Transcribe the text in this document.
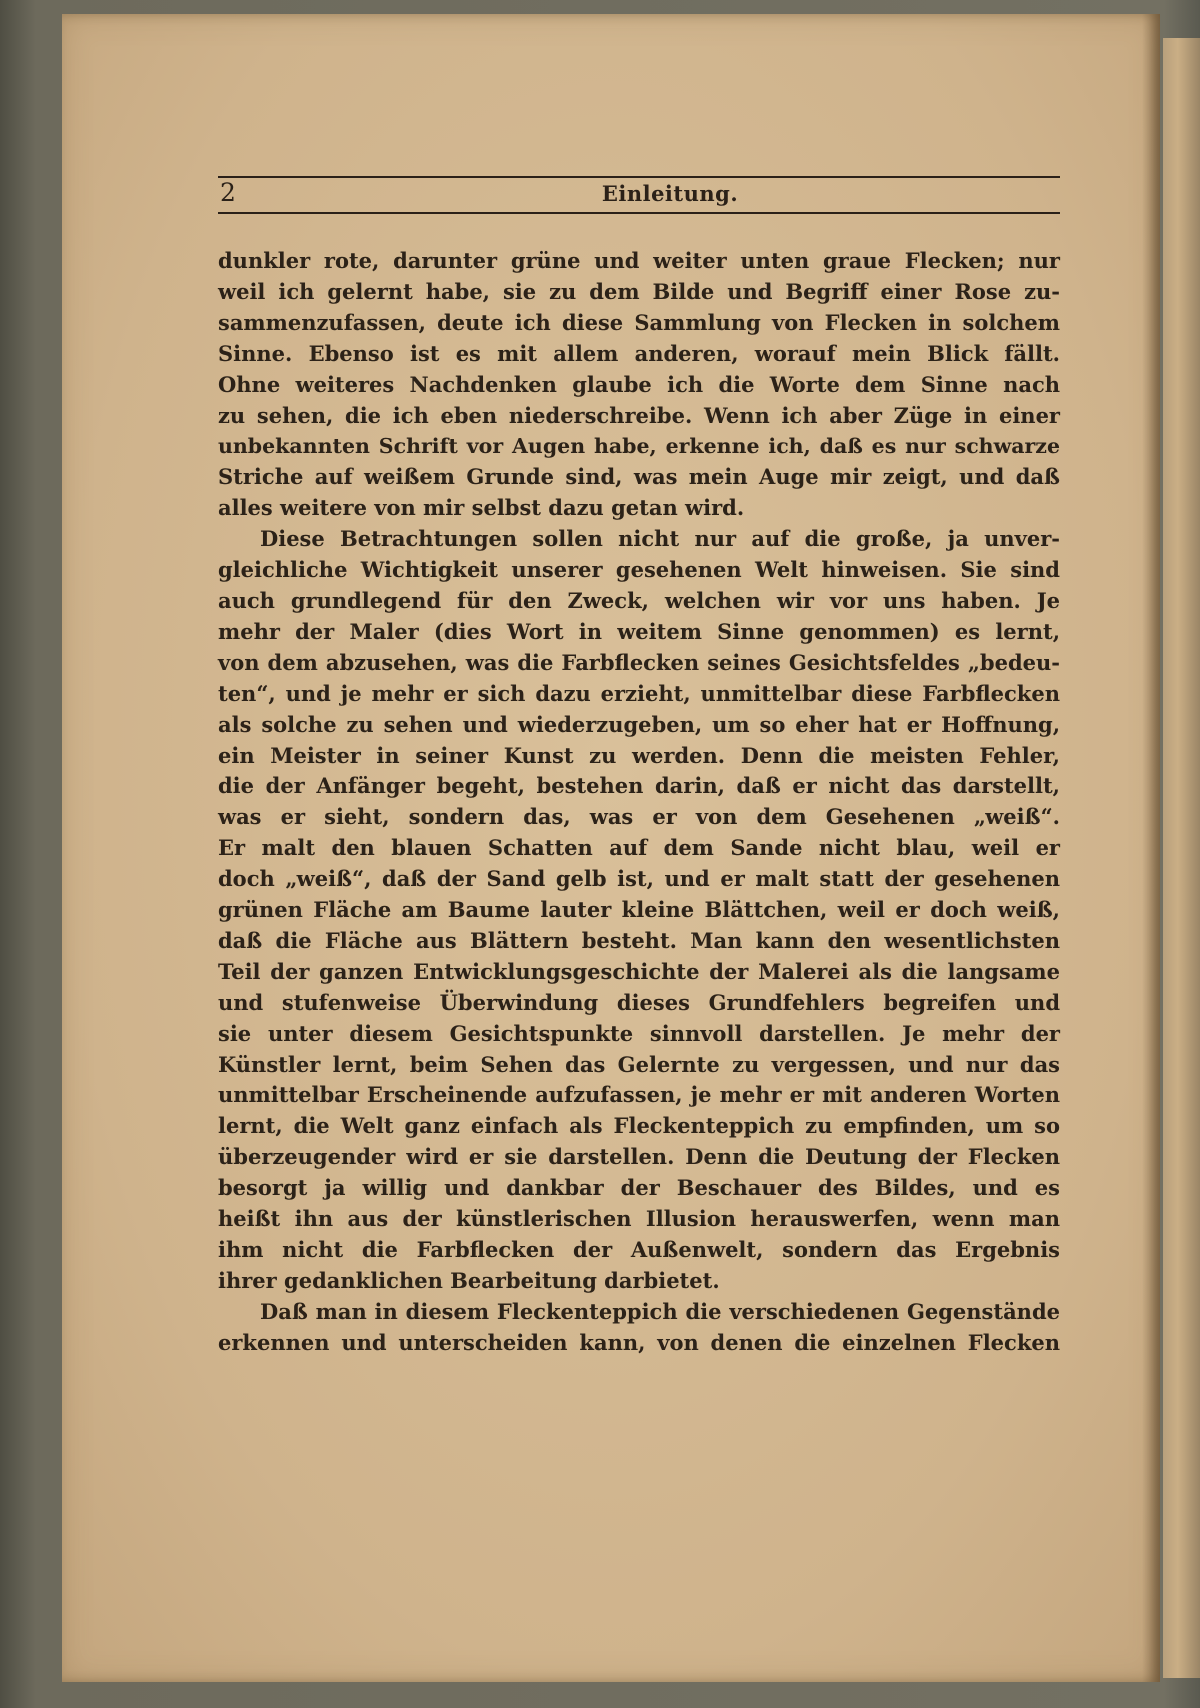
2	Einleitung.
dunkler rote, darunter grüne und weiter unten graue Flecken; nur
weil ich gelernt habe, sie zu dem Bilde und Begriff einer Rose zu-
sammenzufassen, deute ich diese Sammlung von Flecken in solchem
Sinne. Ebenso ist es mit allem anderen, worauf mein Blick fällt.
Ohne weiteres Nachdenken glaube ich die Worte dem Sinne nach
zu sehen, die ich eben niederschreibe. Wenn ich aber Züge in einer
unbekannten Schrift vor Augen habe, erkenne ich, daß es nur schwarze
Striche auf weißem Grunde sind, was mein Auge mir zeigt, und daß
alles weitere von mir selbst dazu getan wird.
Diese Betrachtungen sollen nicht nur auf die große, ja unver-
gleichliche Wichtigkeit unserer gesehenen Welt hinweisen. Sie sind
auch grundlegend für den Zweck, welchen wir vor uns haben. Je
mehr der Maler (dies Wort in weitem Sinne genommen) es lernt,
von dem abzusehen, was die Farbflecken seines Gesichtsfeldes „bedeu-
ten“, und je mehr er sich dazu erzieht, unmittelbar diese Farbflecken
als solche zu sehen und wiederzugeben, um so eher hat er Hoffnung,
ein Meister in seiner Kunst zu werden. Denn die meisten Fehler,
die der Anfänger begeht, bestehen darin, daß er nicht das darstellt,
was er sieht, sondern das, was er von dem Gesehenen „weiß“.
Er malt den blauen Schatten auf dem Sande nicht blau, weil er
doch „weiß“, daß der Sand gelb ist, und er malt statt der gesehenen
grünen Fläche am Baume lauter kleine Blättchen, weil er doch weiß,
daß die Fläche aus Blättern besteht. Man kann den wesentlichsten
Teil der ganzen Entwicklungsgeschichte der Malerei als die langsame
und stufenweise Überwindung dieses Grundfehlers begreifen und
sie unter diesem Gesichtspunkte sinnvoll darstellen. Je mehr der
Künstler lernt, beim Sehen das Gelernte zu vergessen, und nur das
unmittelbar Erscheinende aufzufassen, je mehr er mit anderen Worten
lernt, die Welt ganz einfach als Fleckenteppich zu empfinden, um so
überzeugender wird er sie darstellen. Denn die Deutung der Flecken
besorgt ja willig und dankbar der Beschauer des Bildes, und es
heißt ihn aus der künstlerischen Illusion herauswerfen, wenn man
ihm nicht die Farbflecken der Außenwelt, sondern das Ergebnis
ihrer gedanklichen Bearbeitung darbietet.
Daß man in diesem Fleckenteppich die verschiedenen Gegenstände
erkennen und unterscheiden kann, von denen die einzelnen Flecken
